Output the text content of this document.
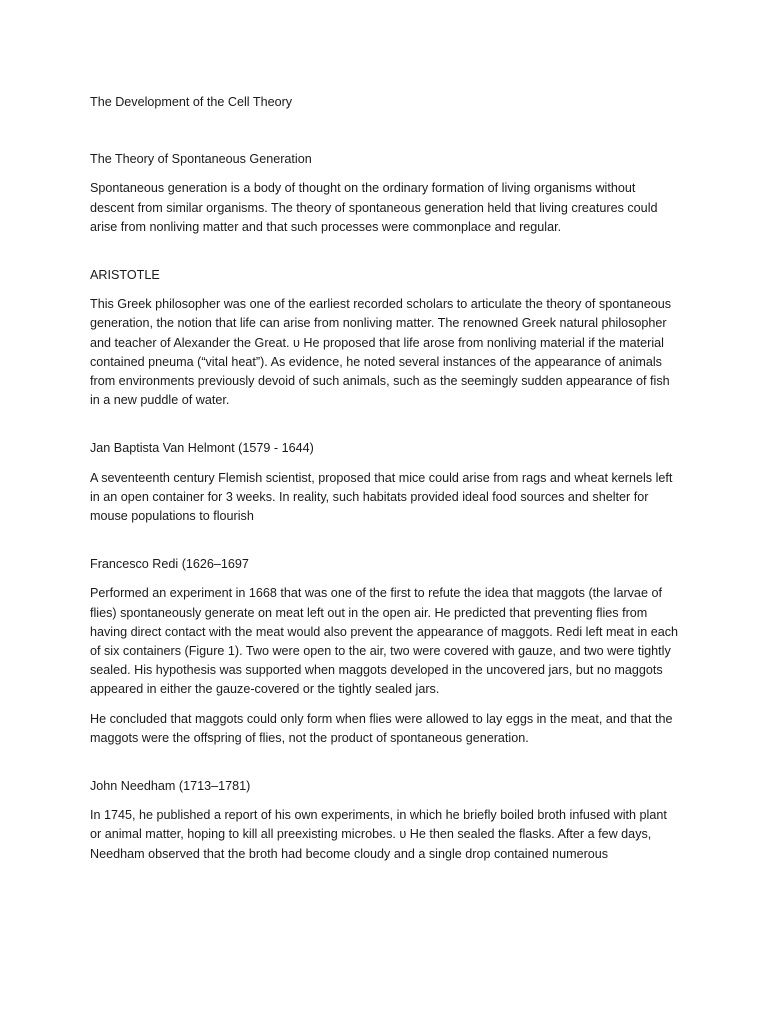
The Development of the Cell Theory

The Theory of Spontaneous Generation

Spontaneous generation is a body of thought on the ordinary formation of living organisms without descent from similar organisms. The theory of spontaneous generation held that living creatures could arise from nonliving matter and that such processes were commonplace and regular.

ARISTOTLE

This Greek philosopher was one of the earliest recorded scholars to articulate the theory of spontaneous generation, the notion that life can arise from nonliving matter. The renowned Greek natural philosopher and teacher of Alexander the Great. υ He proposed that life arose from nonliving material if the material contained pneuma (“vital heat”). As evidence, he noted several instances of the appearance of animals from environments previously devoid of such animals, such as the seemingly sudden appearance of fish in a new puddle of water.

Jan Baptista Van Helmont (1579 - 1644)

A seventeenth century Flemish scientist, proposed that mice could arise from rags and wheat kernels left in an open container for 3 weeks. In reality, such habitats provided ideal food sources and shelter for mouse populations to flourish

Francesco Redi (1626–1697

Performed an experiment in 1668 that was one of the first to refute the idea that maggots (the larvae of flies) spontaneously generate on meat left out in the open air. He predicted that preventing flies from having direct contact with the meat would also prevent the appearance of maggots. Redi left meat in each of six containers (Figure 1). Two were open to the air, two were covered with gauze, and two were tightly sealed. His hypothesis was supported when maggots developed in the uncovered jars, but no maggots appeared in either the gauze-covered or the tightly sealed jars.

He concluded that maggots could only form when flies were allowed to lay eggs in the meat, and that the maggots were the offspring of flies, not the product of spontaneous generation.

John Needham (1713–1781)

In 1745, he published a report of his own experiments, in which he briefly boiled broth infused with plant or animal matter, hoping to kill all preexisting microbes. υ He then sealed the flasks. After a few days, Needham observed that the broth had become cloudy and a single drop contained numerous
